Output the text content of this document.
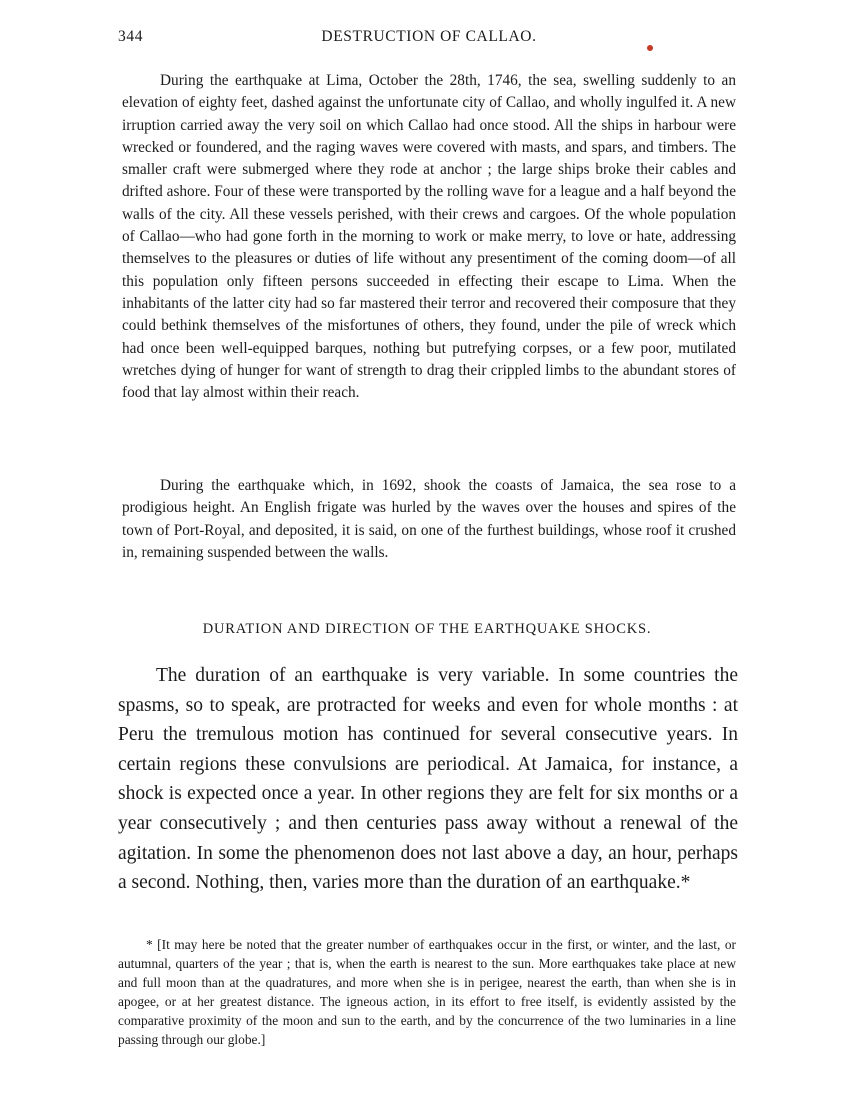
344	DESTRUCTION OF CALLAO.

During the earthquake at Lima, October the 28th, 1746, the sea, swelling suddenly to an elevation of eighty feet, dashed against the unfortunate city of Callao, and wholly ingulfed it. A new irruption carried away the very soil on which Callao had once stood. All the ships in harbour were wrecked or foundered, and the raging waves were covered with masts, and spars, and timbers. The smaller craft were submerged where they rode at anchor ; the large ships broke their cables and drifted ashore. Four of these were transported by the rolling wave for a league and a half beyond the walls of the city. All these vessels perished, with their crews and cargoes. Of the whole population of Callao—who had gone forth in the morning to work or make merry, to love or hate, addressing themselves to the pleasures or duties of life without any presentiment of the coming doom—of all this population only fifteen persons succeeded in effecting their escape to Lima. When the inhabitants of the latter city had so far mastered their terror and recovered their composure that they could bethink themselves of the misfortunes of others, they found, under the pile of wreck which had once been well-equipped barques, nothing but putrefying corpses, or a few poor, mutilated wretches dying of hunger for want of strength to drag their crippled limbs to the abundant stores of food that lay almost within their reach.

During the earthquake which, in 1692, shook the coasts of Jamaica, the sea rose to a prodigious height. An English frigate was hurled by the waves over the houses and spires of the town of Port-Royal, and deposited, it is said, on one of the furthest buildings, whose roof it crushed in, remaining suspended between the walls.

DURATION AND DIRECTION OF THE EARTHQUAKE SHOCKS.

The duration of an earthquake is very variable. In some countries the spasms, so to speak, are protracted for weeks and even for whole months : at Peru the tremulous motion has continued for several consecutive years. In certain regions these convulsions are periodical. At Jamaica, for instance, a shock is expected once a year. In other regions they are felt for six months or a year consecutively ; and then centuries pass away without a renewal of the agitation. In some the phenomenon does not last above a day, an hour, perhaps a second. Nothing, then, varies more than the duration of an earthquake.*

* [It may here be noted that the greater number of earthquakes occur in the first, or winter, and the last, or autumnal, quarters of the year ; that is, when the earth is nearest to the sun. More earthquakes take place at new and full moon than at the quadratures, and more when she is in perigee, nearest the earth, than when she is in apogee, or at her greatest distance. The igneous action, in its effort to free itself, is evidently assisted by the comparative proximity of the moon and sun to the earth, and by the concurrence of the two luminaries in a line passing through our globe.]
